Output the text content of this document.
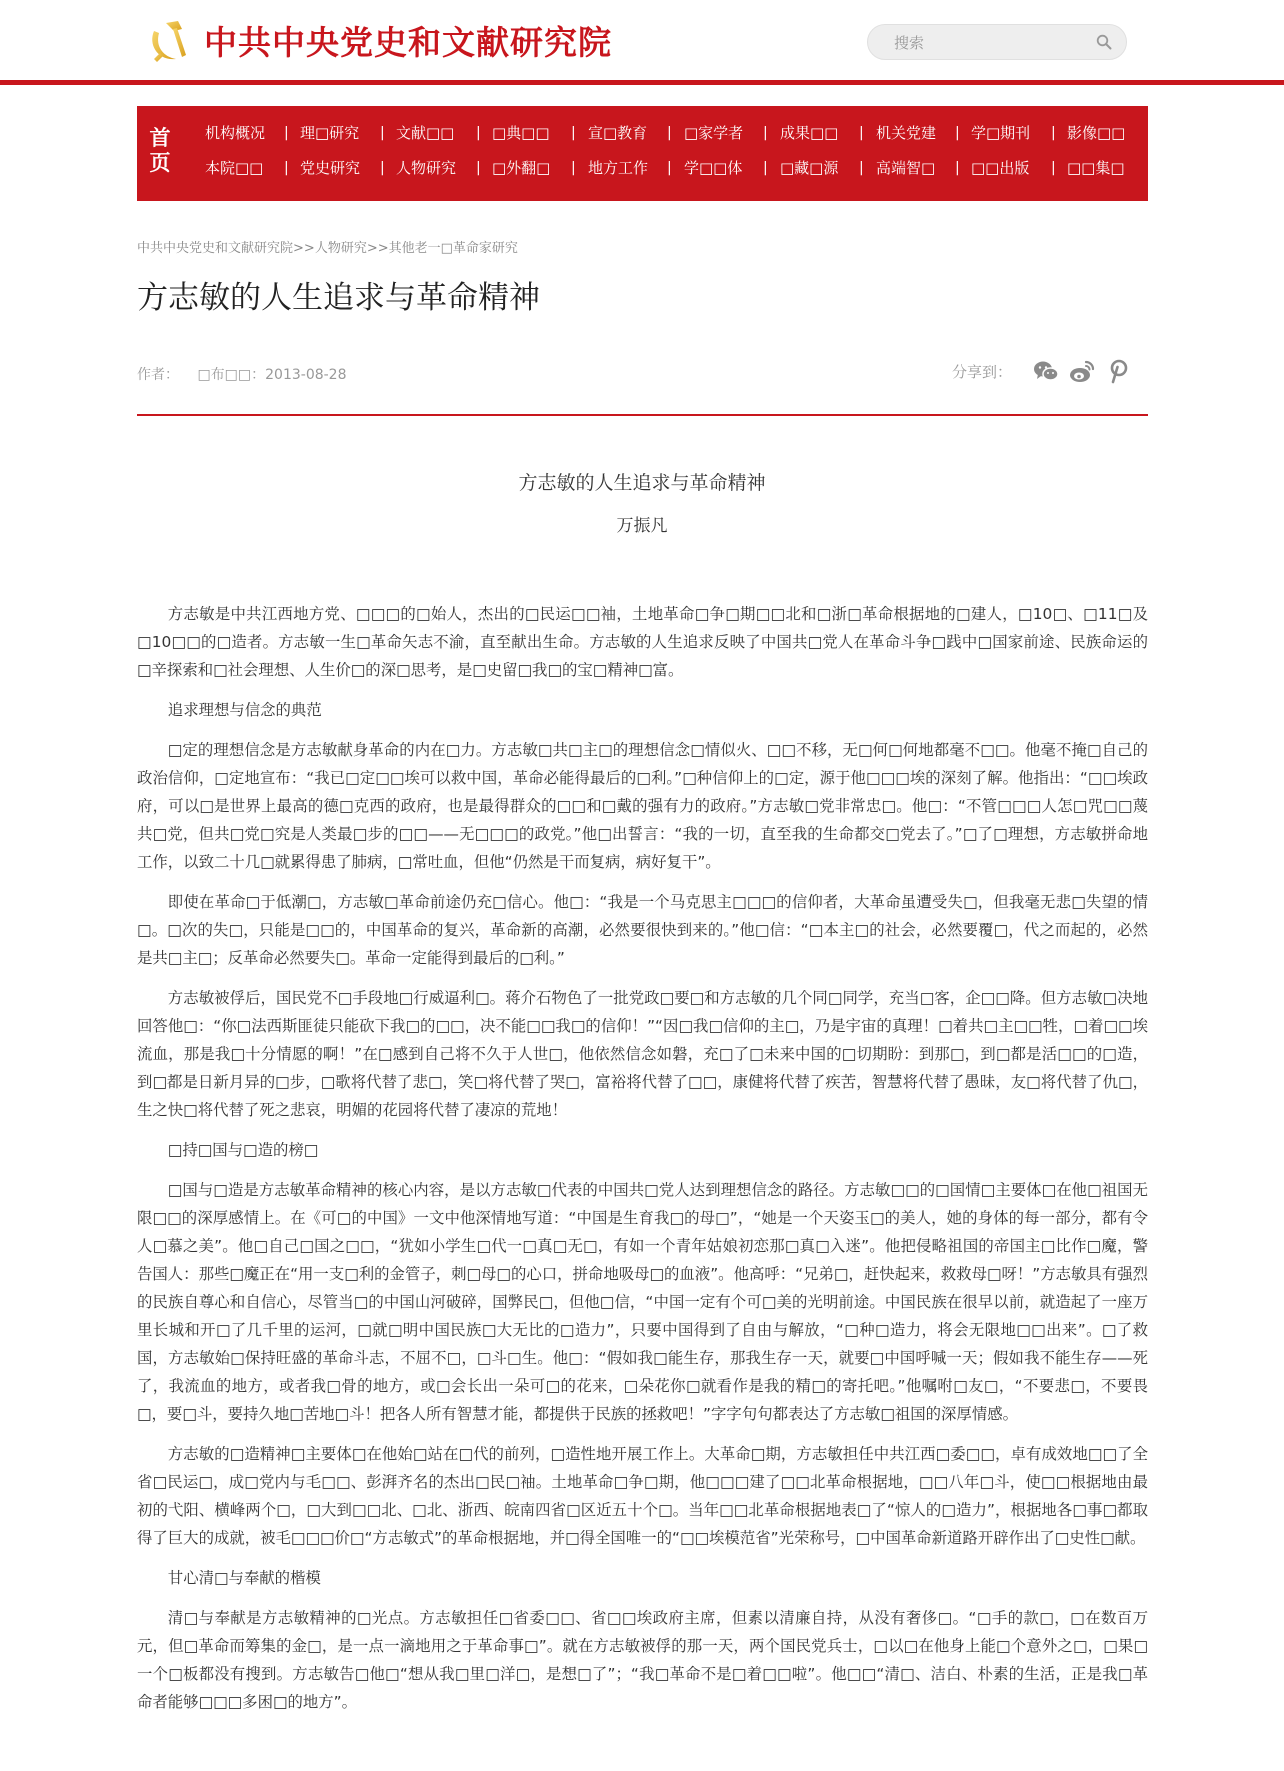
中共中央党史和文献研究院
搜索
首
页
机构概况 理□研究 文献□□	□典□□	宣□教育 □家学者 成果□□	机关党建 学□期刊 影像□□
本院□□ 党史研究 人物研究 □外翻□	地方工作 学□□体	□藏□源	高端智□ □□出版	□□集□
|	|	|	|	|	|	|	|	|
|	|	|	|	|	|	|	|	|
中共中央党史和文献研究院>>人物研究>>其他老一□革命家研究
方志敏的人生追求与革命精神
作者： □布□□：2013-08-28	分享到：
方志敏的人生追求与革命精神
万振凡

方志敏是中共江西地方党、□□□的□始人，杰出的□民运□□袖，土地革命□争□期□□北和□浙□革命根据地的□建人，□10□、□11□及□10□□的□造者。方志敏一生□革命矢志不渝，直至献出生命。方志敏的人生追求反映了中国共□党人在革命斗争□践中□国家前途、民族命运的□辛探索和□社会理想、人生价□的深□思考，是□史留□我□的宝□精神□富。

追求理想与信念的典范

□定的理想信念是方志敏献身革命的内在□力。方志敏□共□主□的理想信念□情似火、□□不移，无□何□何地都毫不□□。他毫不掩□自己的政治信仰，□定地宣布：“我已□定□□埃可以救中国，革命必能得最后的□利。”□种信仰上的□定，源于他□□□埃的深刻了解。他指出：“□□埃政府，可以□是世界上最高的德□克西的政府，也是最得群众的□□和□戴的强有力的政府。”方志敏□党非常忠□。他□：“不管□□□人怎□咒□□蔑共□党，但共□党□究是人类最□步的□□——无□□□的政党。”他□出誓言：“我的一切，直至我的生命都交□党去了。”□了□理想，方志敏拼命地工作，以致二十几□就累得患了肺病，□常吐血，但他“仍然是干而复病，病好复干”。

即使在革命□于低潮□，方志敏□革命前途仍充□信心。他□：“我是一个马克思主□□□的信仰者，大革命虽遭受失□，但我毫无悲□失望的情□。□次的失□，只能是□□的，中国革命的复兴，革命新的高潮，必然要很快到来的。”他□信：“□本主□的社会，必然要覆□，代之而起的，必然是共□主□；反革命必然要失□。革命一定能得到最后的□利。”

方志敏被俘后，国民党不□手段地□行威逼利□。蒋介石物色了一批党政□要□和方志敏的几个同□同学，充当□客，企□□降。但方志敏□决地回答他□：“你□法西斯匪徒只能砍下我□的□□，决不能□□我□的信仰！”“因□我□信仰的主□，乃是宇宙的真理！□着共□主□□牲，□着□□埃流血，那是我□十分情愿的啊！”在□感到自己将不久于人世□，他依然信念如磐，充□了□未来中国的□切期盼：到那□，到□都是活□□的□造，到□都是日新月异的□步，□歌将代替了悲□，笑□将代替了哭□，富裕将代替了□□，康健将代替了疾苦，智慧将代替了愚昧，友□将代替了仇□，生之快□将代替了死之悲哀，明媚的花园将代替了凄凉的荒地！

□持□国与□造的榜□

□国与□造是方志敏革命精神的核心内容，是以方志敏□代表的中国共□党人达到理想信念的路径。方志敏□□的□国情□主要体□在他□祖国无限□□的深厚感情上。在《可□的中国》一文中他深情地写道：“中国是生育我□的母□”，“她是一个天姿玉□的美人，她的身体的每一部分，都有令人□慕之美”。他□自己□国之□□，“犹如小学生□代一□真□无□，有如一个青年姑娘初恋那□真□入迷”。他把侵略祖国的帝国主□比作□魔，警告国人：那些□魔正在“用一支□利的金管子，刺□母□的心口，拼命地吸母□的血液”。他高呼：“兄弟□，赶快起来，救救母□呀！”方志敏具有强烈的民族自尊心和自信心，尽管当□的中国山河破碎，国弊民□，但他□信，“中国一定有个可□美的光明前途。中国民族在很早以前，就造起了一座万里长城和开□了几千里的运河，□就□明中国民族□大无比的□造力”，只要中国得到了自由与解放，“□种□造力，将会无限地□□出来”。□了救国，方志敏始□保持旺盛的革命斗志，不屈不□，□斗□生。他□：“假如我□能生存，那我生存一天，就要□中国呼喊一天；假如我不能生存——死了，我流血的地方，或者我□骨的地方，或□会长出一朵可□的花来，□朵花你□就看作是我的精□的寄托吧。”他嘱咐□友□，“不要悲□，不要畏□，要□斗，要持久地□苦地□斗！把各人所有智慧才能，都提供于民族的拯救吧！”字字句句都表达了方志敏□祖国的深厚情感。

方志敏的□造精神□主要体□在他始□站在□代的前列，□造性地开展工作上。大革命□期，方志敏担任中共江西□委□□，卓有成效地□□了全省□民运□，成□党内与毛□□、彭湃齐名的杰出□民□袖。土地革命□争□期，他□□□建了□□北革命根据地，□□八年□斗，使□□根据地由最初的弋阳、横峰两个□，□大到□□北、□北、浙西、皖南四省□区近五十个□。当年□□北革命根据地表□了“惊人的□造力”，根据地各□事□都取得了巨大的成就，被毛□□□价□“方志敏式”的革命根据地，并□得全国唯一的“□□埃模范省”光荣称号，□中国革命新道路开辟作出了□史性□献。

甘心清□与奉献的楷模

清□与奉献是方志敏精神的□光点。方志敏担任□省委□□、省□□埃政府主席，但素以清廉自持，从没有奢侈□。“□手的款□，□在数百万元，但□革命而筹集的金□，是一点一滴地用之于革命事□”。就在方志敏被俘的那一天，两个国民党兵士，□以□在他身上能□个意外之□，□果□一个□板都没有搜到。方志敏告□他□“想从我□里□洋□，是想□了”；“我□革命不是□着□□啦”。他□□“清□、洁白、朴素的生活，正是我□革命者能够□□□多困□的地方”。
